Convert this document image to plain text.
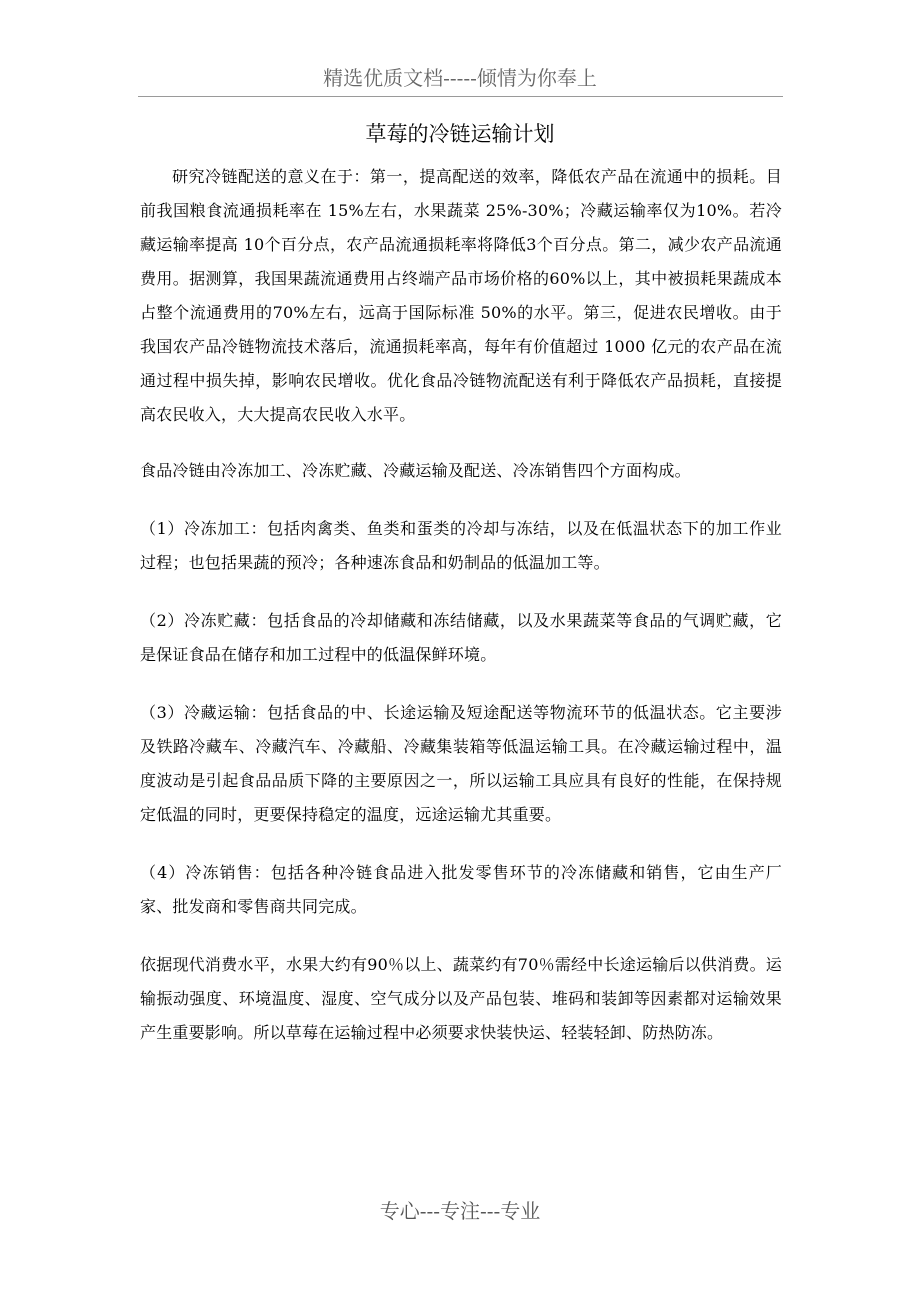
精选优质文档-----倾情为你奉上
草莓的冷链运输计划

研究冷链配送的意义在于：第一，提高配送的效率，降低农产品在流通中的损耗。目前我国粮食流通损耗率在 15%左右，水果蔬菜 25%-30%；冷藏运输率仅为10%。若冷藏运输率提高 10个百分点，农产品流通损耗率将降低3个百分点。第二，减少农产品流通费用。据测算，我国果蔬流通费用占终端产品市场价格的60%以上，其中被损耗果蔬成本占整个流通费用的70%左右，远高于国际标准 50%的水平。第三，促进农民增收。由于我国农产品冷链物流技术落后，流通损耗率高，每年有价值超过 1000 亿元的农产品在流通过程中损失掉，影响农民增收。优化食品冷链物流配送有利于降低农产品损耗，直接提高农民收入，大大提高农民收入水平。

食品冷链由冷冻加工、冷冻贮藏、冷藏运输及配送、冷冻销售四个方面构成。

（1）冷冻加工：包括肉禽类、鱼类和蛋类的冷却与冻结，以及在低温状态下的加工作业过程；也包括果蔬的预冷；各种速冻食品和奶制品的低温加工等。

（2）冷冻贮藏：包括食品的冷却储藏和冻结储藏，以及水果蔬菜等食品的气调贮藏，它是保证食品在储存和加工过程中的低温保鲜环境。

（3）冷藏运输：包括食品的中、长途运输及短途配送等物流环节的低温状态。它主要涉及铁路冷藏车、冷藏汽车、冷藏船、冷藏集装箱等低温运输工具。在冷藏运输过程中，温度波动是引起食品品质下降的主要原因之一，所以运输工具应具有良好的性能，在保持规定低温的同时，更要保持稳定的温度，远途运输尤其重要。

（4）冷冻销售：包括各种冷链食品进入批发零售环节的冷冻储藏和销售，它由生产厂家、批发商和零售商共同完成。

依据现代消费水平，水果大约有90％以上、蔬菜约有70％需经中长途运输后以供消费。运输振动强度、环境温度、湿度、空气成分以及产品包装、堆码和装卸等因素都对运输效果产生重要影响。所以草莓在运输过程中必须要求快装快运、轻装轻卸、防热防冻。

专心---专注---专业
